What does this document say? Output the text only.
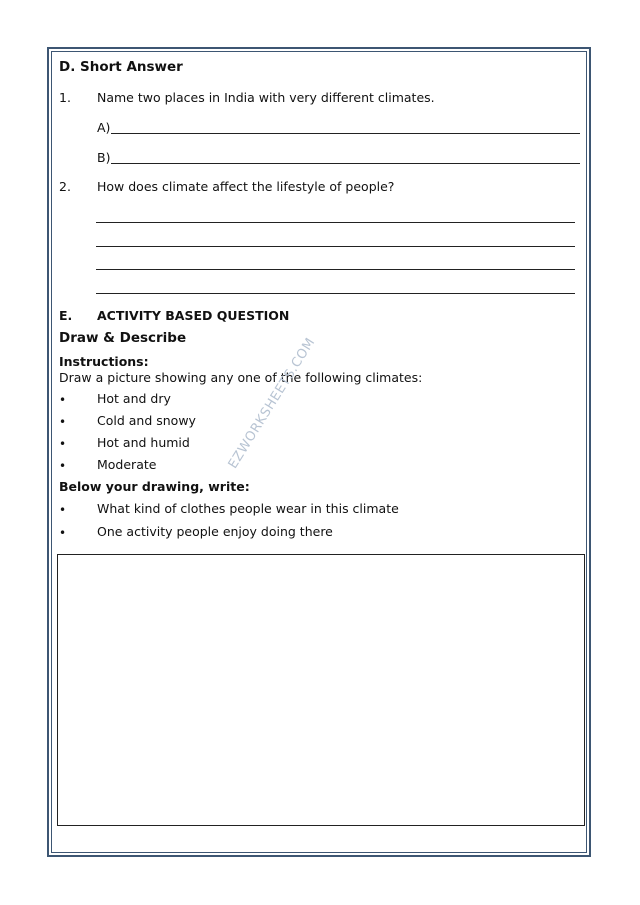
D. Short Answer
1. Name two places in India with very different climates.
A)
B)
2. How does climate affect the lifestyle of people?
E. ACTIVITY BASED QUESTION
Draw & Describe
Instructions:
Draw a picture showing any one of the following climates:
• Hot and dry
• Cold and snowy
• Hot and humid
• Moderate
Below your drawing, write:
• What kind of clothes people wear in this climate
• One activity people enjoy doing there
EZWORKSHEETS.COM
